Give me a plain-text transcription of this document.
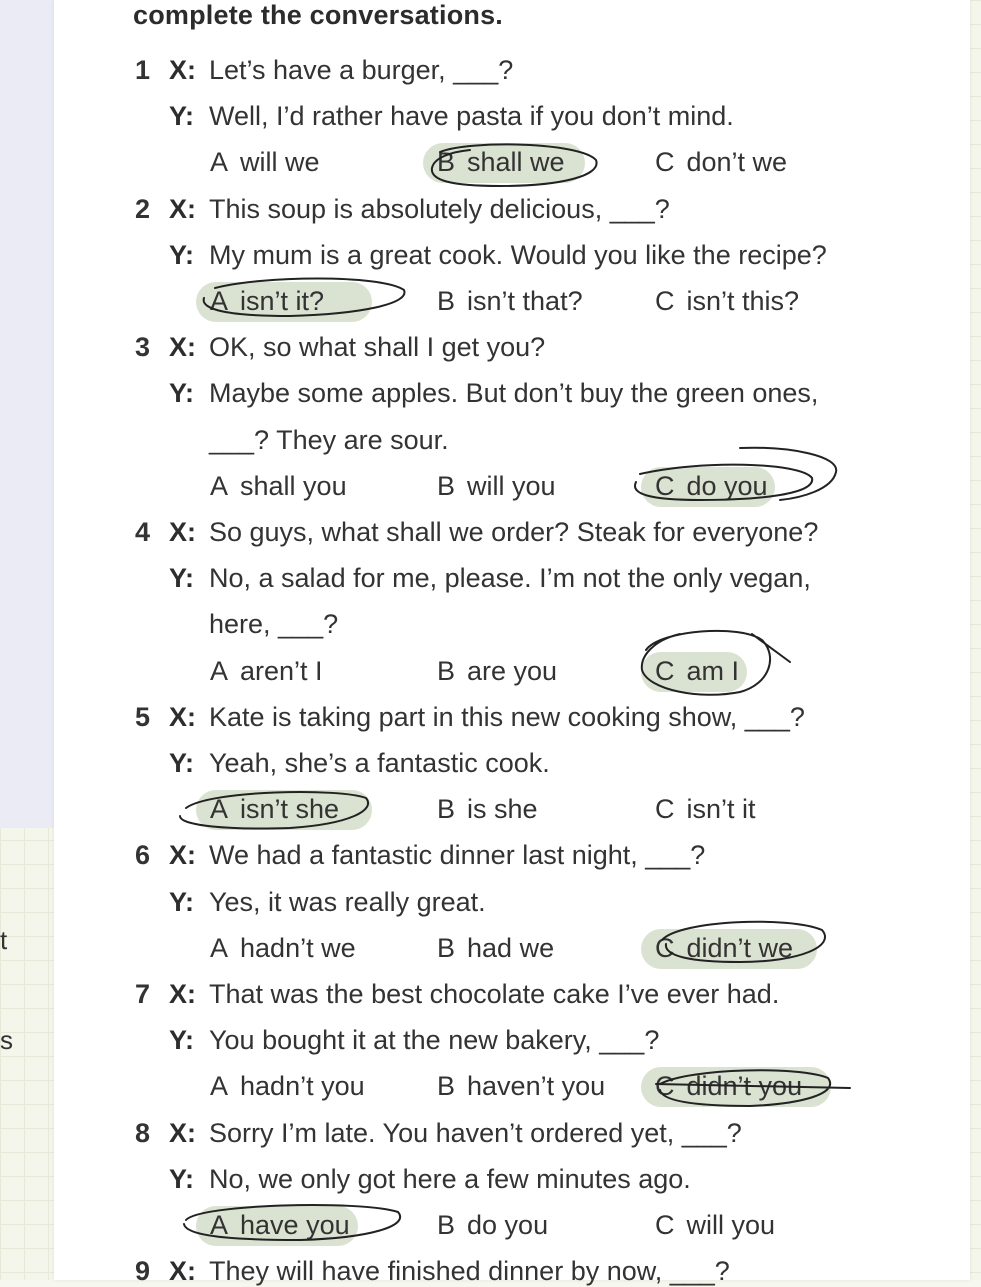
t
s
complete the conversations.
1 X: Let’s have a burger, ___?
Y: Well, I’d rather have pasta if you don’t mind.
A will we	B shall we	C don’t we
2 X: This soup is absolutely delicious, ___?
Y: My mum is a great cook. Would you like the recipe?
A isn’t it?	B isn’t that?	C isn’t this?
3 X: OK, so what shall I get you?
Y: Maybe some apples. But don’t buy the green ones,
___? They are sour.
A shall you	B will you	C do you
4 X: So guys, what shall we order? Steak for everyone?
Y: No, a salad for me, please. I’m not the only vegan,
here, ___?
A aren’t I	B are you	C am I
5 X: Kate is taking part in this new cooking show, ___?
Y: Yeah, she’s a fantastic cook.
A isn’t she	B is she	C isn’t it
6 X: We had a fantastic dinner last night, ___?
Y: Yes, it was really great.
A hadn’t we	B had we	C didn’t we
7 X: That was the best chocolate cake I’ve ever had.
Y: You bought it at the new bakery, ___?
A hadn’t you	B haven’t you C didn’t you
8 X: Sorry I’m late. You haven’t ordered yet, ___?
Y: No, we only got here a few minutes ago.
A have you	B do you	C will you
9 X: They will have finished dinner by now, ___?
